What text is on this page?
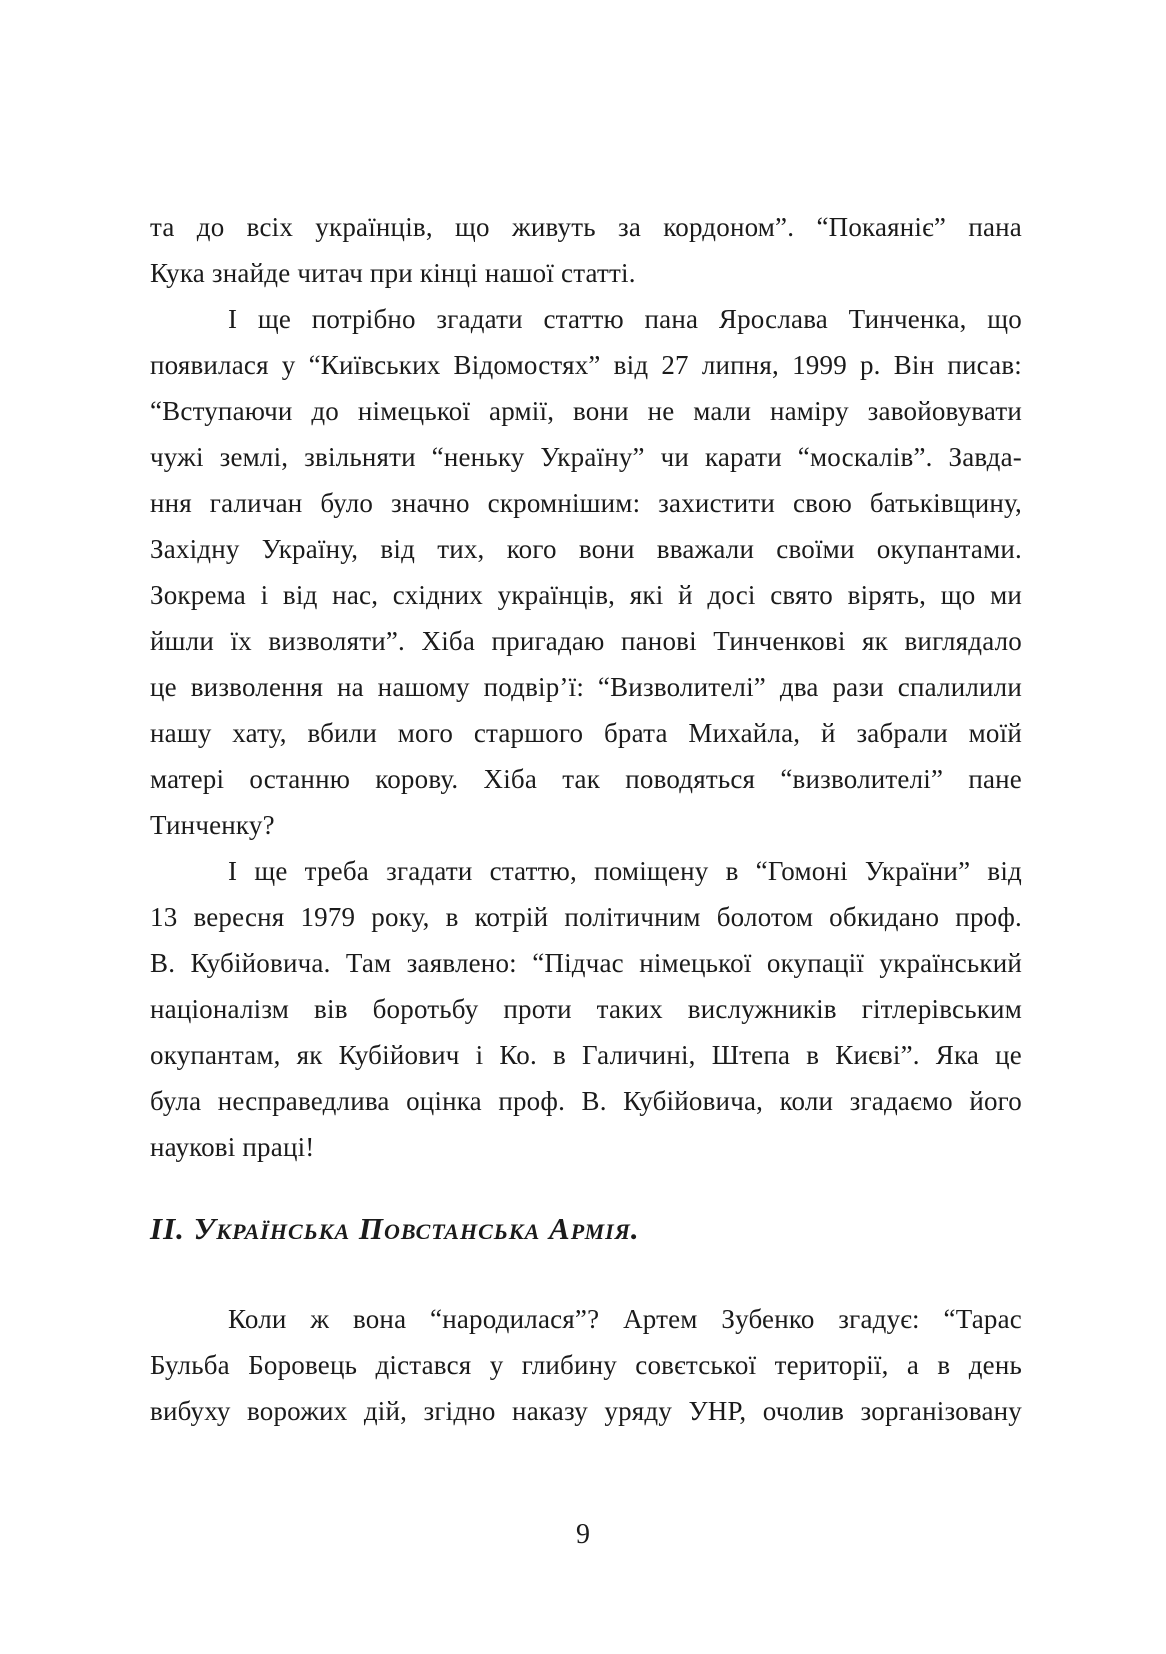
та до всіх українців, що живуть за кордоном”. “Покаяніє” пана
Кука знайде читач при кінці нашої статті.
І ще потрібно згадати статтю пана Ярослава Тинченка, що
появилася у “Київських Відомостях” від 27 липня, 1999 р. Він писав:
“Вступаючи до німецької армії, вони не мали наміру завойовувати
чужі землі, звільняти “неньку Україну” чи карати “москалів”. Завда-
ння галичан було значно скромнішим: захистити свою батьківщину,
Західну Україну, від тих, кого вони вважали своїми окупантами.
Зокрема і від нас, східних українців, які й досі свято вірять, що ми
йшли їх визволяти”. Хіба пригадаю панові Тинченкові як виглядало
це визволення на нашому подвір’ї: “Визволителі” два рази спалилили
нашу хату, вбили мого старшого брата Михайла, й забрали моїй
матері останню корову. Хіба так поводяться “визволителі” пане
Тинченку?
І ще треба згадати статтю, поміщену в “Гомоні України” від
13 вересня 1979 року, в котрій політичним болотом обкидано проф.
В. Кубійовича. Там заявлено: “Підчас німецької окупації український
націоналізм вів боротьбу проти таких вислужників гітлерівським
окупантам, як Кубійович і Ко. в Галичині, Штепа в Києві”. Яка це
була несправедлива оцінка проф. В. Кубійовича, коли згадаємо його
наукові праці!
ІІ. Українська Повстанська Армія.
Коли ж вона “народилася”? Артем Зубенко згадує: “Тарас
Бульба Боровець дістався у глибину совєтської території, а в день
вибуху ворожих дій, згідно наказу уряду УНР, очолив зорганізовану
9
